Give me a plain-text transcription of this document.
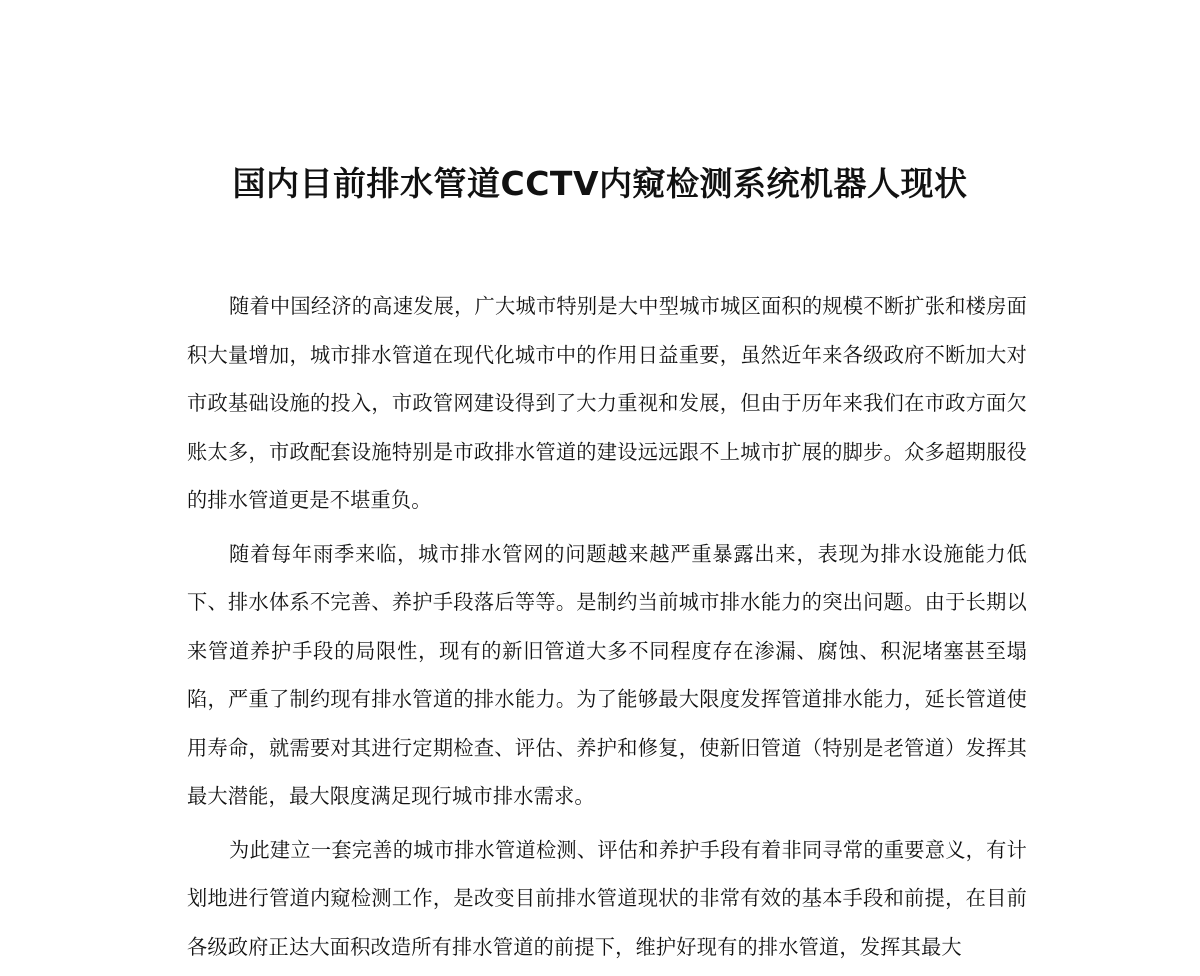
国内目前排水管道CCTV内窥检测系统机器人现状

随着中国经济的高速发展，广大城市特别是大中型城市城区面积的规模不断扩张和楼房面积大量增加，城市排水管道在现代化城市中的作用日益重要，虽然近年来各级政府不断加大对市政基础设施的投入，市政管网建设得到了大力重视和发展，但由于历年来我们在市政方面欠账太多，市政配套设施特别是市政排水管道的建设远远跟不上城市扩展的脚步。众多超期服役的排水管道更是不堪重负。

随着每年雨季来临，城市排水管网的问题越来越严重暴露出来，表现为排水设施能力低下、排水体系不完善、养护手段落后等等。是制约当前城市排水能力的突出问题。由于长期以来管道养护手段的局限性，现有的新旧管道大多不同程度存在渗漏、腐蚀、积泥堵塞甚至塌陷，严重了制约现有排水管道的排水能力。为了能够最大限度发挥管道排水能力，延长管道使用寿命，就需要对其进行定期检查、评估、养护和修复，使新旧管道（特别是老管道）发挥其最大潜能，最大限度满足现行城市排水需求。

为此建立一套完善的城市排水管道检测、评估和养护手段有着非同寻常的重要意义，有计划地进行管道内窥检测工作，是改变目前排水管道现状的非常有效的基本手段和前提，在目前各级政府正达大面积改造所有排水管道的前提下，维护好现有的排水管道，发挥其最大
